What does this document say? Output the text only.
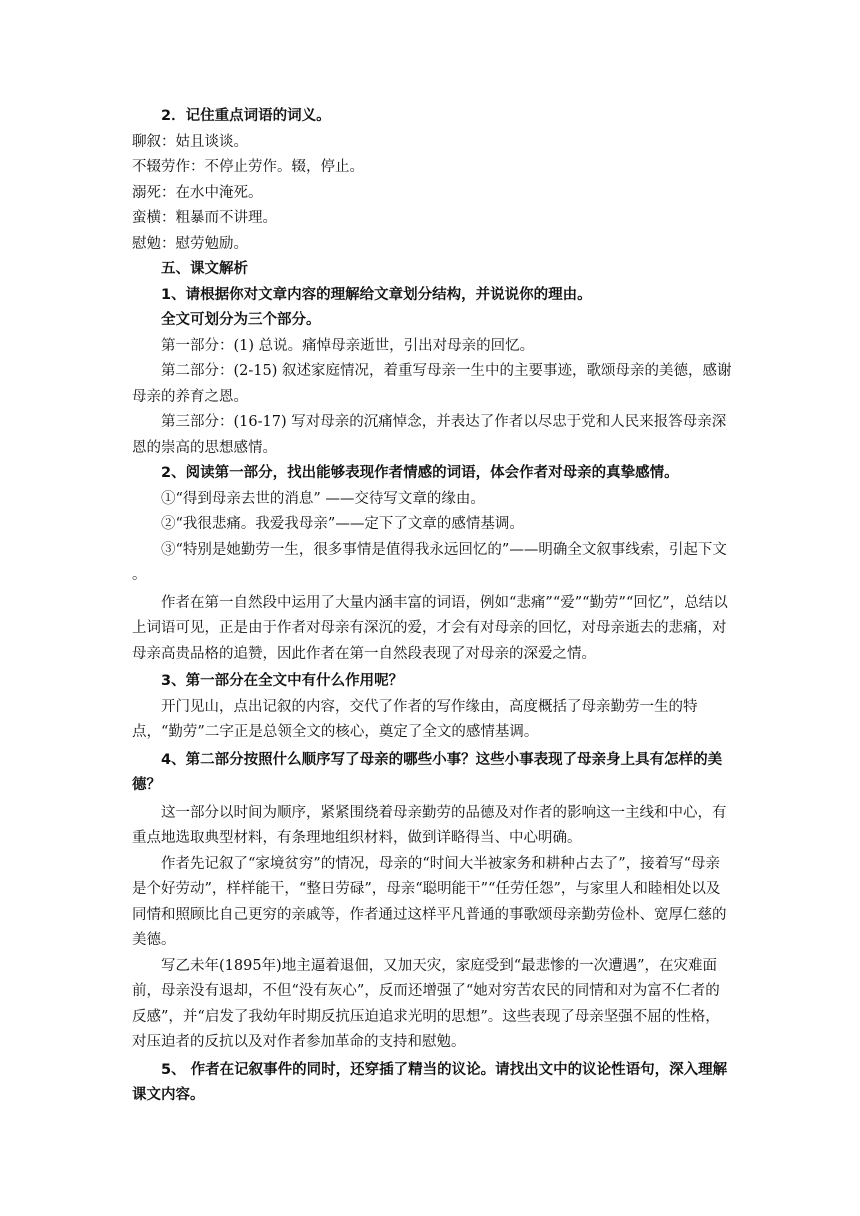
2．记住重点词语的词义。

聊叙：姑且谈谈。

不辍劳作：不停止劳作。辍，停止。

溺死：在水中淹死。

蛮横：粗暴而不讲理。

慰勉：慰劳勉励。

五、课文解析

1、请根据你对文章内容的理解给文章划分结构，并说说你的理由。

全文可划分为三个部分。

第一部分：(1) 总说。痛悼母亲逝世，引出对母亲的回忆。

第二部分：(2-15) 叙述家庭情况，着重写母亲一生中的主要事迹，歌颂母亲的美德，感谢母亲的养育之恩。

第三部分：(16-17) 写对母亲的沉痛悼念，并表达了作者以尽忠于党和人民来报答母亲深恩的崇高的思想感情。

2、阅读第一部分，找出能够表现作者情感的词语，体会作者对母亲的真挚感情。

①“得到母亲去世的消息” ——交待写文章的缘由。

②“我很悲痛。我爱我母亲”——定下了文章的感情基调。

③“特别是她勤劳一生，很多事情是值得我永远回忆的”——明确全文叙事线索，引起下文 。

作者在第一自然段中运用了大量内涵丰富的词语，例如“悲痛”“爱”“勤劳”“回忆”，总结以上词语可见，正是由于作者对母亲有深沉的爱，才会有对母亲的回忆，对母亲逝去的悲痛，对母亲高贵品格的追赞，因此作者在第一自然段表现了对母亲的深爱之情。

3、第一部分在全文中有什么作用呢？

开门见山，点出记叙的内容，交代了作者的写作缘由，高度概括了母亲勤劳一生的特点，“勤劳”二字正是总领全文的核心，奠定了全文的感情基调。

4、第二部分按照什么顺序写了母亲的哪些小事？这些小事表现了母亲身上具有怎样的美德？

这一部分以时间为顺序，紧紧围绕着母亲勤劳的品德及对作者的影响这一主线和中心，有重点地选取典型材料，有条理地组织材料，做到详略得当、中心明确。

作者先记叙了“家境贫穷”的情况，母亲的“时间大半被家务和耕种占去了”，接着写“母亲是个好劳动”，样样能干，“整日劳碌”，母亲“聪明能干”“任劳任怨”，与家里人和睦相处以及同情和照顾比自己更穷的亲戚等，作者通过这样平凡普通的事歌颂母亲勤劳俭朴、宽厚仁慈的美德。

写乙未年(1895年)地主逼着退佃，又加天灾，家庭受到“最悲惨的一次遭遇”，在灾难面前，母亲没有退却，不但“没有灰心”，反而还增强了“她对穷苦农民的同情和对为富不仁者的反感”，并“启发了我幼年时期反抗压迫追求光明的思想”。这些表现了母亲坚强不屈的性格，对压迫者的反抗以及对作者参加革命的支持和慰勉。

5、 作者在记叙事件的同时，还穿插了精当的议论。请找出文中的议论性语句，深入理解课文内容。
